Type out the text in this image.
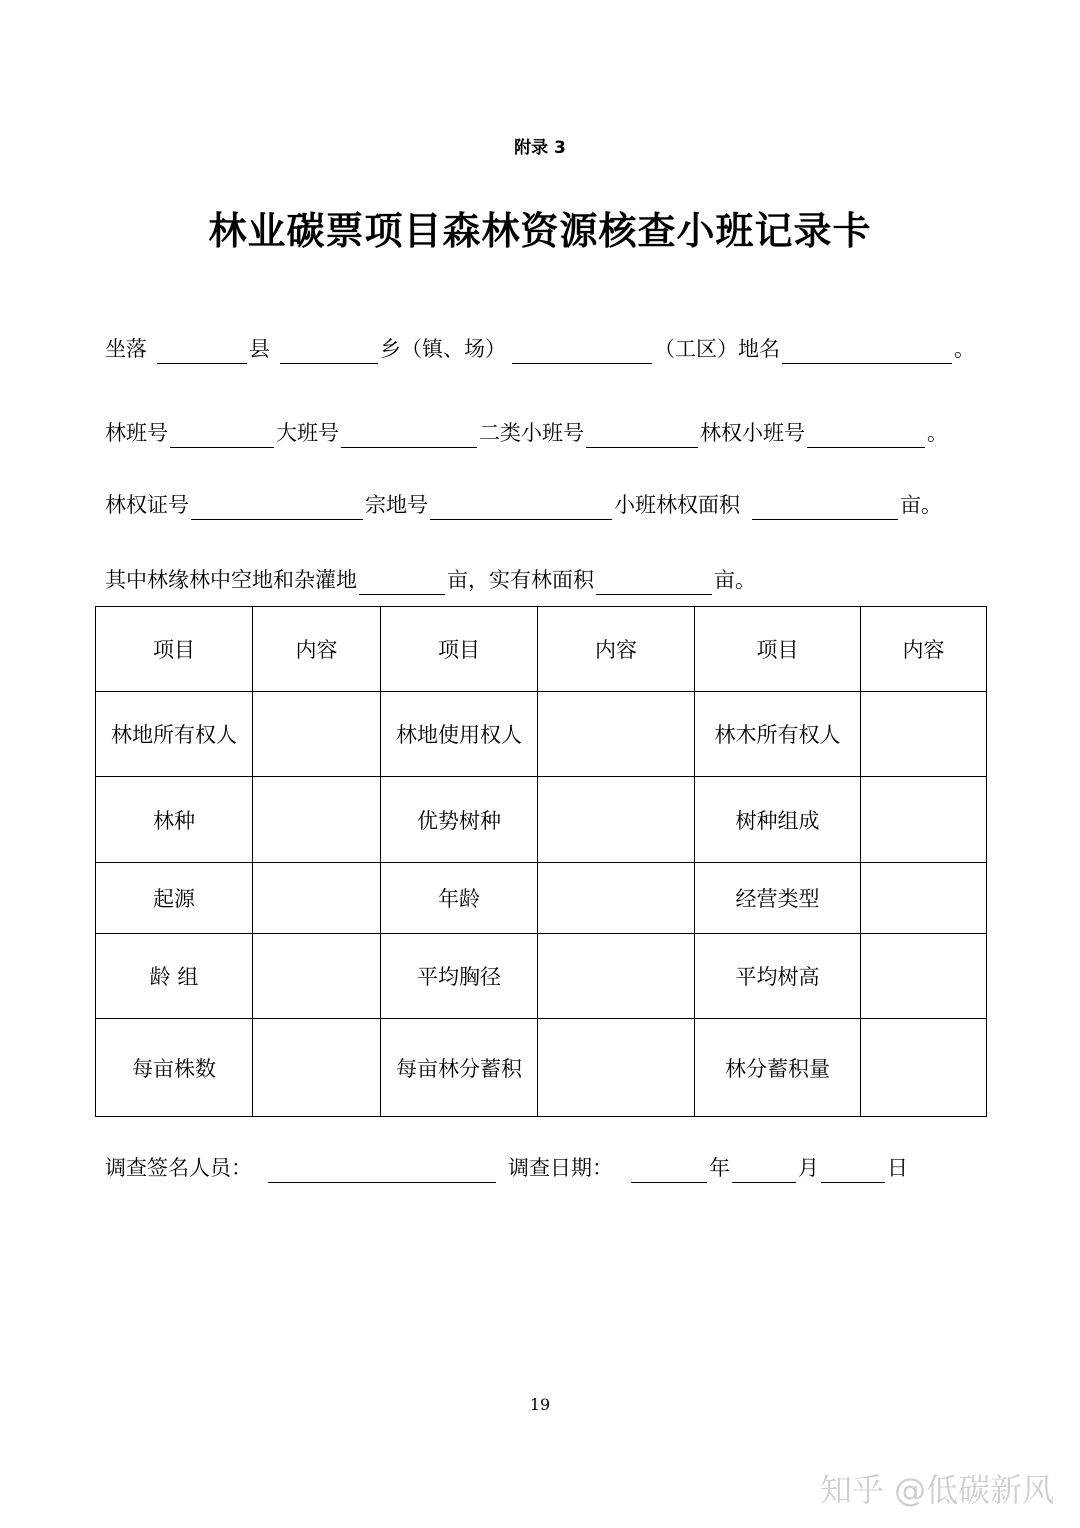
附录 3
林业碳票项目森林资源核查小班记录卡
坐落	县	乡（镇、场）	（工区）地名	。
林班号	大班号	二类小班号	林权小班号	。
林权证号	宗地号	小班林权面积	亩。
其中林缘林中空地和杂灌地	亩，实有林面积	亩。
项目	内容	项目	内容	项目	内容
林地所有权人		林地使用权人		林木所有权人	
林种		优势树种		树种组成	
起源		年龄		经营类型	
龄 组		平均胸径		平均树高	
每亩株数		每亩林分蓄积		林分蓄积量	
调查签名人员：	调查日期：	年	月	日
19
知乎 @低碳新风
